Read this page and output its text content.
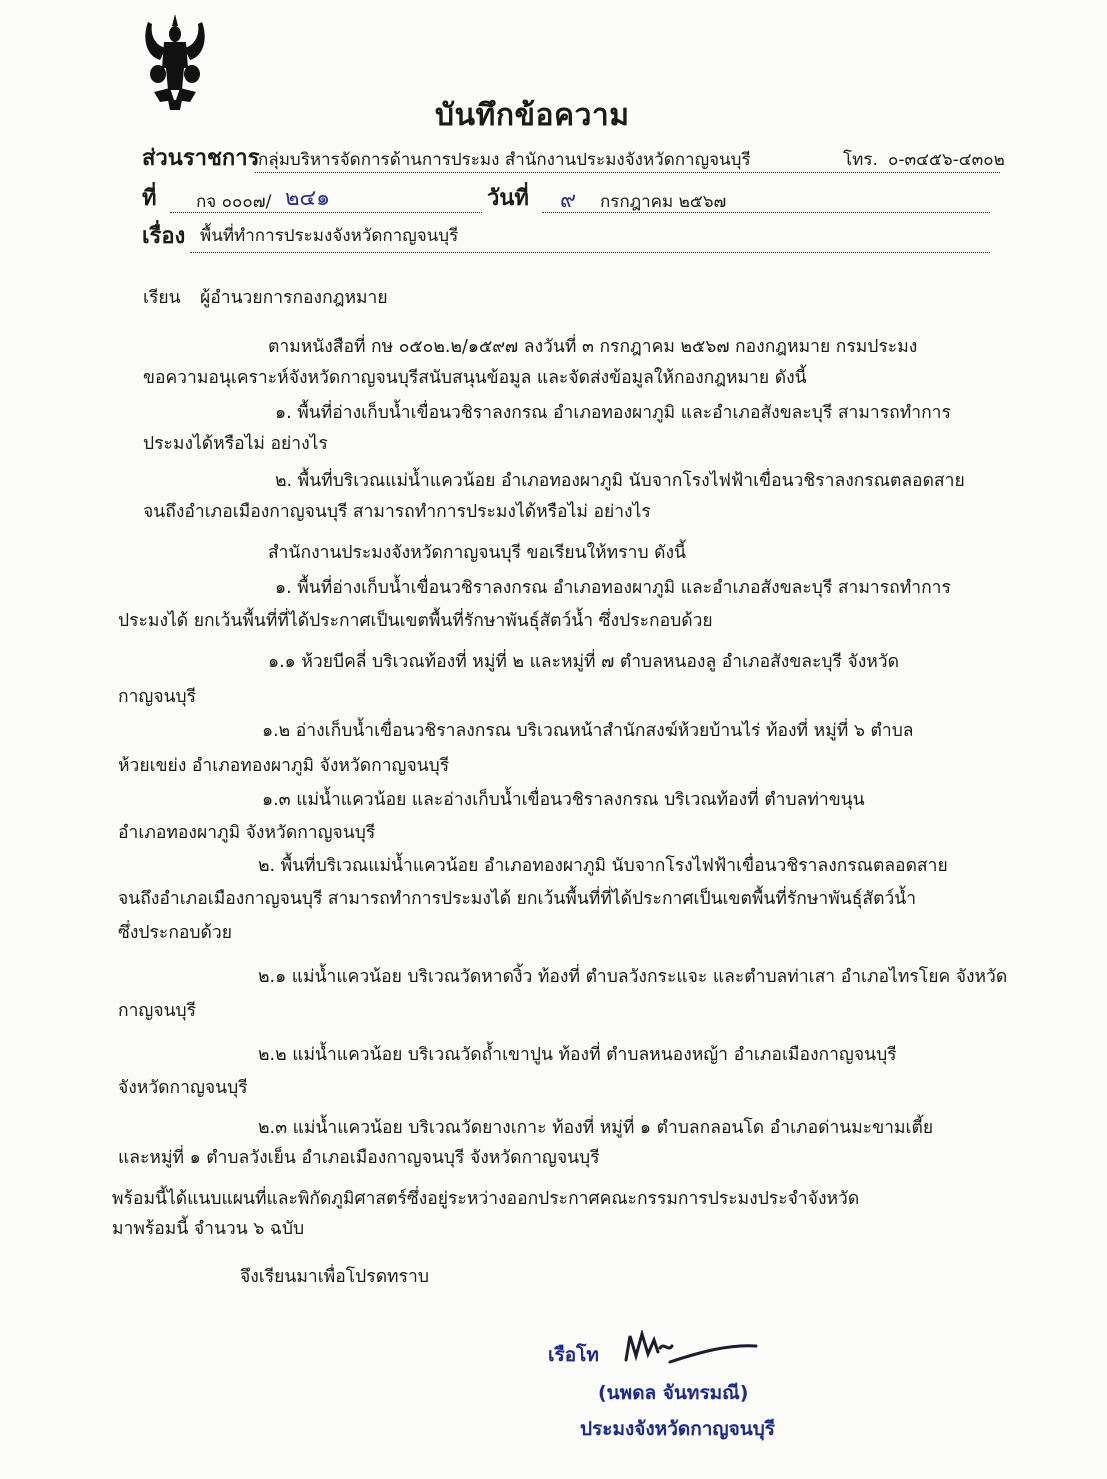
บันทึกข้อความ
ส่วนราชการ
กลุ่มบริหารจัดการด้านการประมง สำนักงานประมงจังหวัดกาญจนบุรี	โทร. ๐-๓๔๕๖-๔๓๐๒
ที่ กจ ๐๐๐๗/ ๒๔๑	วันที่ ๙ กรกฎาคม ๒๕๖๗
เรื่อง พื้นที่ทำการประมงจังหวัดกาญจนบุรี
เรียน ผู้อำนวยการกองกฎหมาย
ตามหนังสือที่ กษ ๐๕๐๒.๒/๑๕๙๗ ลงวันที่ ๓ กรกฎาคม ๒๕๖๗ กองกฎหมาย กรมประมง
ขอความอนุเคราะห์จังหวัดกาญจนบุรีสนับสนุนข้อมูล และจัดส่งข้อมูลให้กองกฎหมาย ดังนี้
๑. พื้นที่อ่างเก็บน้ำเขื่อนวชิราลงกรณ อำเภอทองผาภูมิ และอำเภอสังขละบุรี สามารถทำการ
ประมงได้หรือไม่ อย่างไร
๒. พื้นที่บริเวณแม่น้ำแควน้อย อำเภอทองผาภูมิ นับจากโรงไฟฟ้าเขื่อนวชิราลงกรณตลอดสาย
จนถึงอำเภอเมืองกาญจนบุรี สามารถทำการประมงได้หรือไม่ อย่างไร
สำนักงานประมงจังหวัดกาญจนบุรี ขอเรียนให้ทราบ ดังนี้
๑. พื้นที่อ่างเก็บน้ำเขื่อนวชิราลงกรณ อำเภอทองผาภูมิ และอำเภอสังขละบุรี สามารถทำการ
ประมงได้ ยกเว้นพื้นที่ที่ได้ประกาศเป็นเขตพื้นที่รักษาพันธุ์สัตว์น้ำ ซึ่งประกอบด้วย
๑.๑ ห้วยบีคลี่ บริเวณท้องที่ หมู่ที่ ๒ และหมู่ที่ ๗ ตำบลหนองลู อำเภอสังขละบุรี จังหวัด
กาญจนบุรี
๑.๒ อ่างเก็บน้ำเขื่อนวชิราลงกรณ บริเวณหน้าสำนักสงฆ์ห้วยบ้านไร่ ท้องที่ หมู่ที่ ๖ ตำบล
ห้วยเขย่ง อำเภอทองผาภูมิ จังหวัดกาญจนบุรี
๑.๓ แม่น้ำแควน้อย และอ่างเก็บน้ำเขื่อนวชิราลงกรณ บริเวณท้องที่ ตำบลท่าขนุน
อำเภอทองผาภูมิ จังหวัดกาญจนบุรี
๒. พื้นที่บริเวณแม่น้ำแควน้อย อำเภอทองผาภูมิ นับจากโรงไฟฟ้าเขื่อนวชิราลงกรณตลอดสาย
จนถึงอำเภอเมืองกาญจนบุรี สามารถทำการประมงได้ ยกเว้นพื้นที่ที่ได้ประกาศเป็นเขตพื้นที่รักษาพันธุ์สัตว์น้ำ
ซึ่งประกอบด้วย
๒.๑ แม่น้ำแควน้อย บริเวณวัดหาดงิ้ว ท้องที่ ตำบลวังกระแจะ และตำบลท่าเสา อำเภอไทรโยค จังหวัด
กาญจนบุรี
๒.๒ แม่น้ำแควน้อย บริเวณวัดถ้ำเขาปูน ท้องที่ ตำบลหนองหญ้า อำเภอเมืองกาญจนบุรี
จังหวัดกาญจนบุรี
๒.๓ แม่น้ำแควน้อย บริเวณวัดยางเกาะ ท้องที่ หมู่ที่ ๑ ตำบลกลอนโด อำเภอด่านมะขามเตี้ย
และหมู่ที่ ๑ ตำบลวังเย็น อำเภอเมืองกาญจนบุรี จังหวัดกาญจนบุรี
พร้อมนี้ได้แนบแผนที่และพิกัดภูมิศาสตร์ซึ่งอยู่ระหว่างออกประกาศคณะกรรมการประมงประจำจังหวัด
มาพร้อมนี้ จำนวน ๖ ฉบับ
จึงเรียนมาเพื่อโปรดทราบ
เรือโท
(นพดล จันทรมณี)
ประมงจังหวัดกาญจนบุรี
